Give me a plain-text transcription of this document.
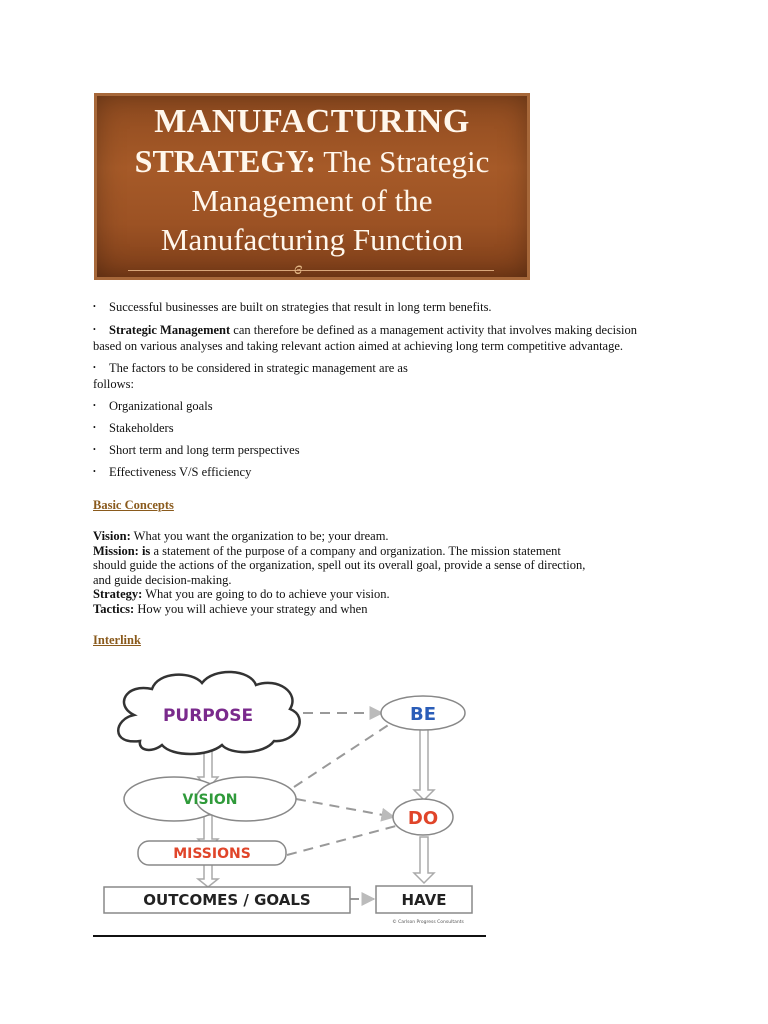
MANUFACTURING
STRATEGY: The Strategic
Management of the
Manufacturing Function
ɞ
• Successful businesses are built on strategies that result in long term benefits.
• Strategic Management can therefore be defined as a management activity that involves making decision
based on various analyses and taking relevant action aimed at achieving long term competitive advantage.
• The factors to be considered in strategic management are as
follows:
• Organizational goals
• Stakeholders
• Short term and long term perspectives
• Effectiveness V/S efficiency
Basic Concepts
Vision: What you want the organization to be; your dream.
Mission: is a statement of the purpose of a company and organization. The mission statement
should guide the actions of the organization, spell out its overall goal, provide a sense of direction,
and guide decision-making.
Strategy: What you are going to do to achieve your vision.
Tactics: How you will achieve your strategy and when
Interlink
PURPOSE
VISION
MISSIONS
OUTCOMES / GOALS
BE
DO
HAVE
© Carlson Progress Consultants
